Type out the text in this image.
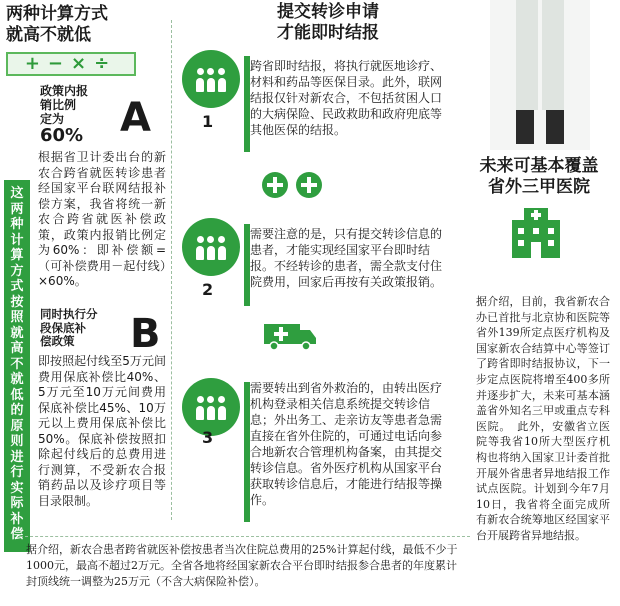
两种计算方式
就高不就低
+−×÷
这两种计算方式按照就高不就低的原则进行实际补偿
政策内报
销比例
定为
60% A
根据省卫计委出台的新农合跨省就医转诊患者经国家平台联网结报补偿方案，我省将统一新农合跨省就医补偿政策，政策内报销比例定为60%：即补偿额=（可补偿费用－起付线）×60%。
同时执行分
段保底补
偿政策	B
即按照起付线至5万元间费用保底补偿比40%、5万元至10万元间费用保底补偿比45%、10万元以上费用保底补偿比50%。保底补偿按照扣除起付线后的总费用进行测算，不受新农合报销药品以及诊疗项目等目录限制。
提交转诊申请
才能即时结报
1
跨省即时结报，将执行就医地诊疗、材料和药品等医保目录。此外，联网结报仅针对新农合，不包括贫困人口的大病保险、民政救助和政府兜底等其他医保的结报。
2
需要注意的是，只有提交转诊信息的患者，才能实现经国家平台即时结报。不经转诊的患者，需全款支付住院费用，回家后再按有关政策报销。
3
需要转出到省外救治的，由转出医疗机构登录相关信息系统提交转诊信息；外出务工、走亲访友等患者急需直接在省外住院的，可通过电话向参合地新农合管理机构备案，由其提交转诊信息。省外医疗机构从国家平台获取转诊信息后，才能进行结报等操作。
未来可基本覆盖
省外三甲医院
据介绍，目前，我省新农合办已首批与北京协和医院等省外139所定点医疗机构及国家新农合结算中心等签订了跨省即时结报协议，下一步定点医院将增至400多所并逐步扩大，未来可基本涵盖省外知名三甲或重点专科医院。　此外，安徽省立医院等我省10所大型医疗机构也将纳入国家卫计委首批开展外省患者异地结报工作试点医院。计划到今年7月10日，我省将全面完成所有新农合统筹地区经国家平台开展跨省异地结报。
据介绍，新农合患者跨省就医补偿按患者当次住院总费用的25%计算起付线，最低不少于1000元，最高不超过2万元。全省各地将经国家新农合平台即时结报参合患者的年度累计封顶线统一调整为25万元（不含大病保险补偿）。
